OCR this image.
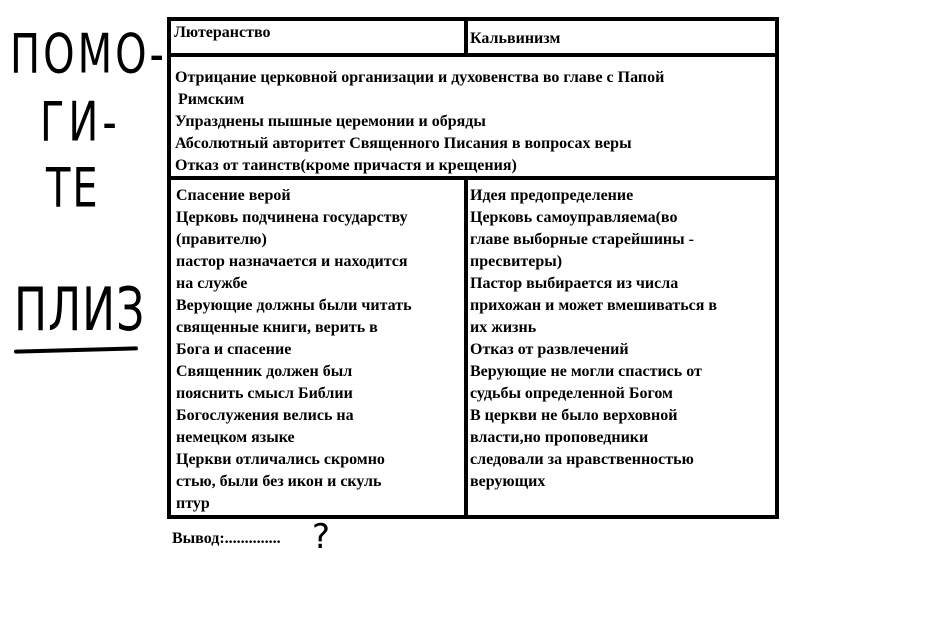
ПОМО-
ГИ-
ТЕ
ПЛИЗ
Лютеранство	Кальвинизм
Отрицание церковной организации и духовенства во главе с Папой
Римским
Упразднены пышные церемонии и обряды
Абсолютный авторитет Священного Писания в вопросах веры
Отказ от таинств(кроме причастя и крещения)
Спасение верой
Церковь подчинена государству
(правителю)
пастор назначается и находится
на службе
Верующие должны были читать
священные книги, верить в
Бога и спасение
Священник должен был
пояснить смысл Библии
Богослужения велись на
немецком языке
Церкви отличались скромно
стью, были без икон и скуль
птур
Идея предопределение
Церковь самоуправляема(во
главе выборные старейшины -
пресвитеры)
Пастор выбирается из числа
прихожан и может вмешиваться в
их жизнь
Отказ от развлечений
Верующие не могли спастись от
судьбы определенной Богом
В церкви не было верховной
власти,но проповедники
следовали за нравственностью
верующих
Вывод:.............. ?
